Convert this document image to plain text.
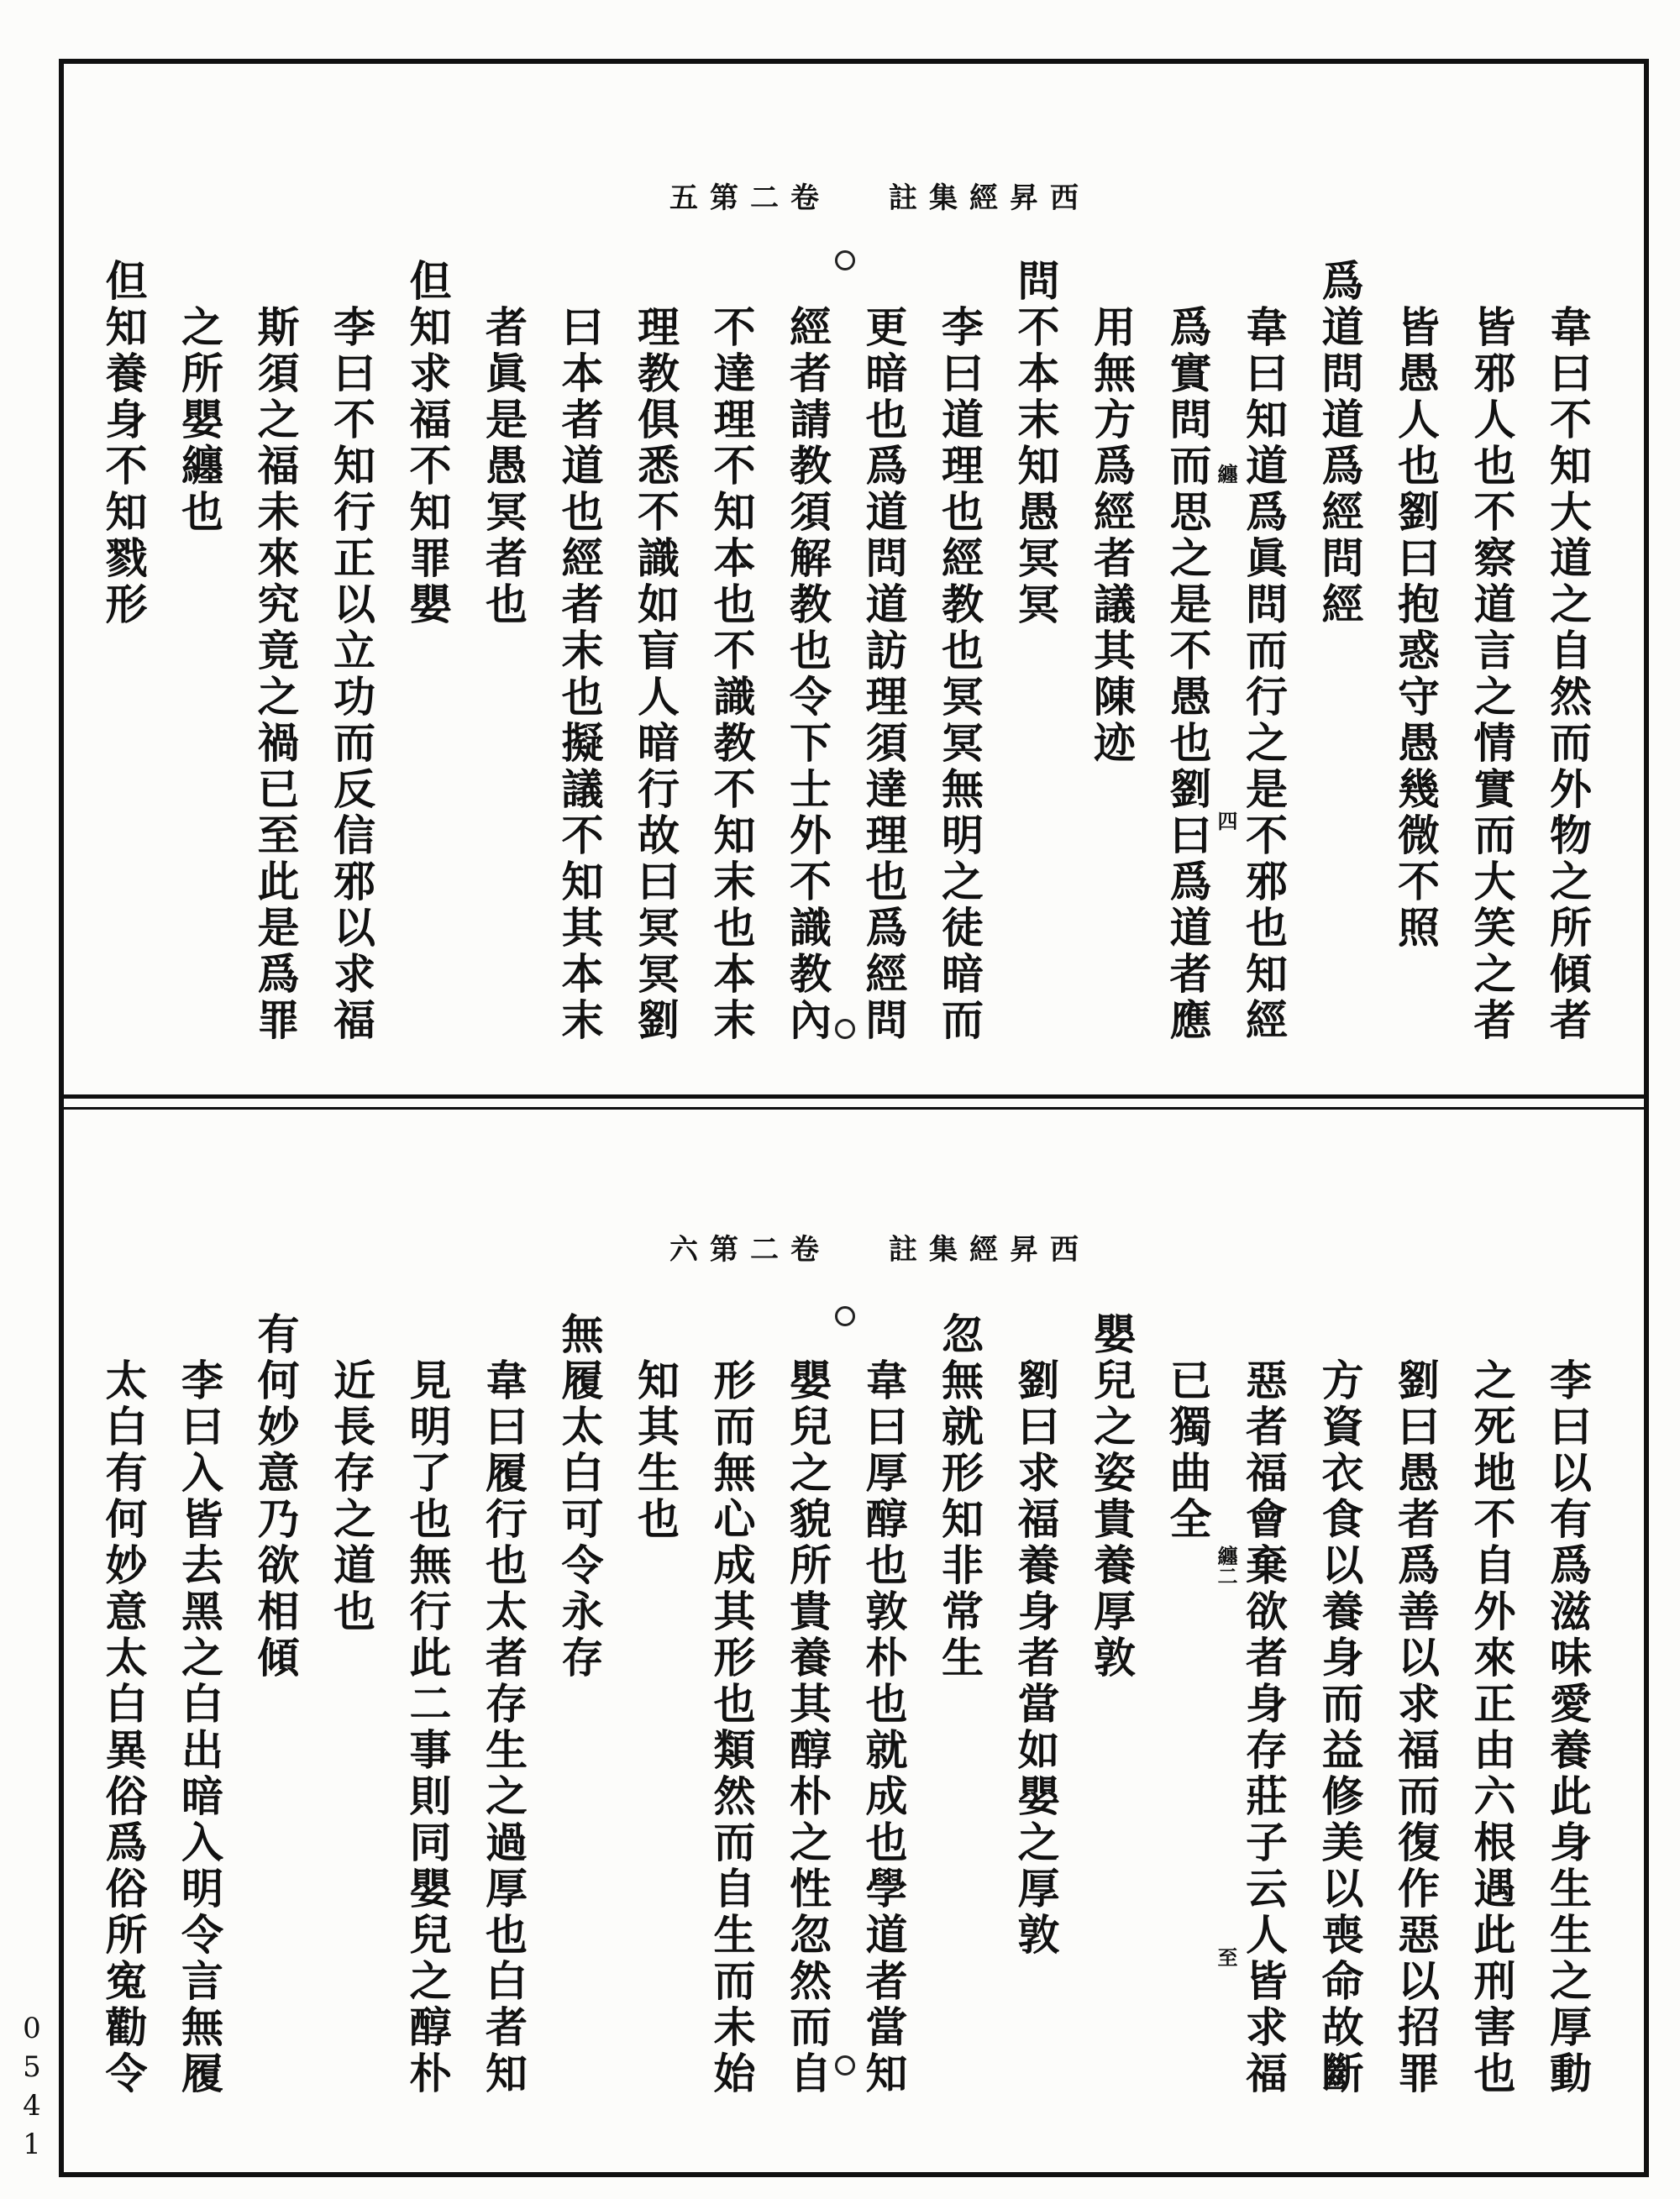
西昇經集註
卷二第五
纏
四	韋曰不知大道之自然而外物之所傾者
皆邪人也不察道言之情實而大笑之者
皆愚人也劉曰抱惑守愚幾微不照
爲道問道爲經問經
韋曰知道爲眞問而行之是不邪也知經
爲實問而思之是不愚也劉曰爲道者應
用無方爲經者議其陳迹
問不本末知愚冥冥
李曰道理也經教也冥冥無明之徒暗而
更暗也爲道問道訪理須達理也爲經問
經者請教須解教也令下士外不識教內
不達理不知本也不識教不知末也本末
理教俱悉不識如盲人暗行故曰冥冥劉
曰本者道也經者末也擬議不知其本末
者眞是愚冥者也
但知求福不知罪嬰
李曰不知行正以立功而反信邪以求福
斯須之福未來究竟之禍已至此是爲罪
之所嬰纏也
但知養身不知戮形
西昇經集註
卷二第六
纏二
至	李曰以有爲滋味愛養此身生生之厚動
之死地不自外來正由六根遇此刑害也
劉曰愚者爲善以求福而復作惡以招罪
方資衣食以養身而益修美以喪命故斷
惡者福會棄欲者身存莊子云人皆求福
已獨曲全
嬰兒之姿貴養厚敦
劉曰求福養身者當如嬰之厚敦
忽無就形知非常生
韋曰厚醇也敦朴也就成也學道者當知
嬰兒之貌所貴養其醇朴之性忽然而自
形而無心成其形也類然而自生而未始
知其生也
無履太白可令永存
韋曰履行也太者存生之過厚也白者知
見明了也無行此二事則同嬰兒之醇朴
近長存之道也
有何妙意乃欲相傾
李曰入皆去黑之白出暗入明令言無履
太白有何妙意太白異俗爲俗所寃勸令
0541
